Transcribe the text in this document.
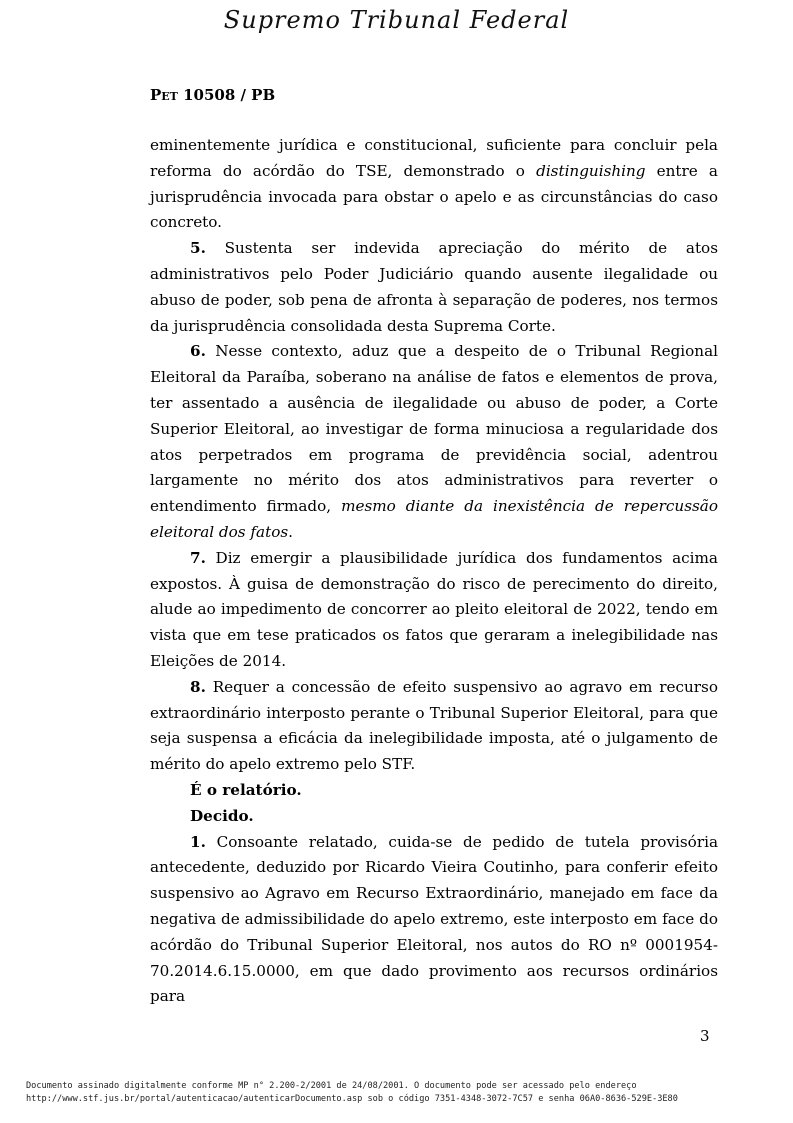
Supremo Tribunal Federal
Pet 10508 / PB

eminentemente jurídica e constitucional, suficiente para concluir pela reforma do acórdão do TSE, demonstrado o distinguishing entre a jurisprudência invocada para obstar o apelo e as circunstâncias do caso concreto.

5. Sustenta ser indevida apreciação do mérito de atos administrativos pelo Poder Judiciário quando ausente ilegalidade ou abuso de poder, sob pena de afronta à separação de poderes, nos termos da jurisprudência consolidada desta Suprema Corte.

6. Nesse contexto, aduz que a despeito de o Tribunal Regional Eleitoral da Paraíba, soberano na análise de fatos e elementos de prova, ter assentado a ausência de ilegalidade ou abuso de poder, a Corte Superior Eleitoral, ao investigar de forma minuciosa a regularidade dos atos perpetrados em programa de previdência social, adentrou largamente no mérito dos atos administrativos para reverter o entendimento firmado, mesmo diante da inexistência de repercussão eleitoral dos fatos.

7. Diz emergir a plausibilidade jurídica dos fundamentos acima expostos. À guisa de demonstração do risco de perecimento do direito, alude ao impedimento de concorrer ao pleito eleitoral de 2022, tendo em vista que em tese praticados os fatos que geraram a inelegibilidade nas Eleições de 2014.

8. Requer a concessão de efeito suspensivo ao agravo em recurso extraordinário interposto perante o Tribunal Superior Eleitoral, para que seja suspensa a eficácia da inelegibilidade imposta, até o julgamento de mérito do apelo extremo pelo STF.

É o relatório.

Decido.

1. Consoante relatado, cuida-se de pedido de tutela provisória antecedente, deduzido por Ricardo Vieira Coutinho, para conferir efeito suspensivo ao Agravo em Recurso Extraordinário, manejado em face da negativa de admissibilidade do apelo extremo, este interposto em face do acórdão do Tribunal Superior Eleitoral, nos autos do RO nº 0001954-70.2014.6.15.0000, em que dado provimento aos recursos ordinários para

3
Documento assinado digitalmente conforme MP n° 2.200-2/2001 de 24/08/2001. O documento pode ser acessado pelo endereço
http://www.stf.jus.br/portal/autenticacao/autenticarDocumento.asp sob o código 7351-4348-3072-7C57 e senha 06A0-8636-529E-3E80
